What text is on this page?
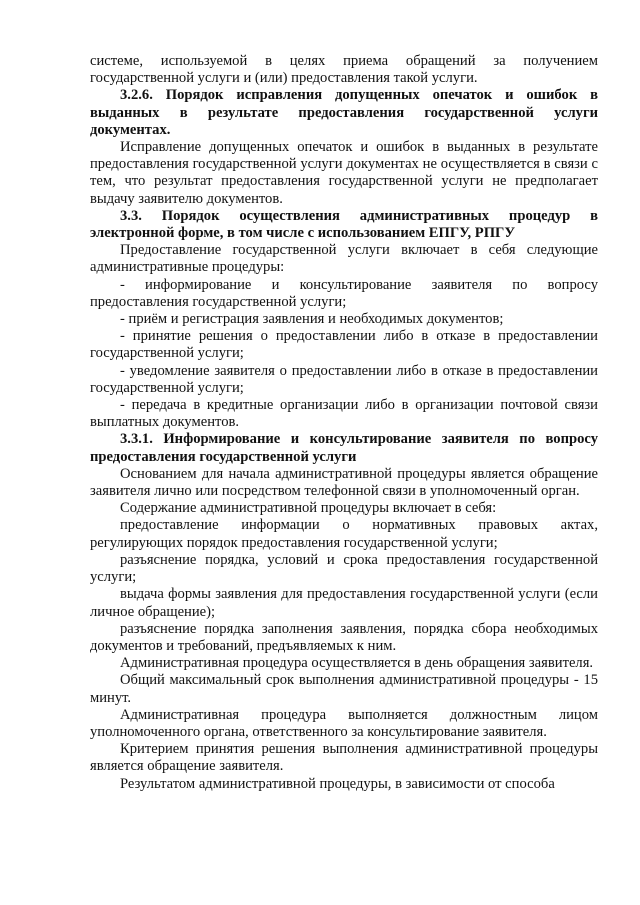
системе, используемой в целях приема обращений за получением государственной услуги и (или) предоставления такой услуги.

3.2.6. Порядок исправления допущенных опечаток и ошибок в выданных в результате предоставления государственной услуги документах.

Исправление допущенных опечаток и ошибок в выданных в результате предоставления государственной услуги документах не осуществляется в связи с тем, что результат предоставления государственной услуги не предполагает выдачу заявителю документов.

3.3. Порядок осуществления административных процедур в электронной форме, в том числе с использованием ЕПГУ, РПГУ

Предоставление государственной услуги включает в себя следующие административные процедуры:

- информирование и консультирование заявителя по вопросу предоставления государственной услуги;

- приём и регистрация заявления и необходимых документов;

- принятие решения о предоставлении либо в отказе в предоставлении государственной услуги;

- уведомление заявителя о предоставлении либо в отказе в предоставлении государственной услуги;

- передача в кредитные организации либо в организации почтовой связи выплатных документов.

3.3.1. Информирование и консультирование заявителя по вопросу предоставления государственной услуги

Основанием для начала административной процедуры является обращение заявителя лично или посредством телефонной связи в уполномоченный орган.

Содержание административной процедуры включает в себя:

предоставление информации о нормативных правовых актах, регулирующих порядок предоставления государственной услуги;

разъяснение порядка, условий и срока предоставления государственной услуги;

выдача формы заявления для предоставления государственной услуги (если личное обращение);

разъяснение порядка заполнения заявления, порядка сбора необходимых документов и требований, предъявляемых к ним.

Административная процедура осуществляется в день обращения заявителя.

Общий максимальный срок выполнения административной процедуры - 15 минут.

Административная процедура выполняется должностным лицом уполномоченного органа, ответственного за консультирование заявителя.

Критерием принятия решения выполнения административной процедуры является обращение заявителя.

Результатом административной процедуры, в зависимости от способа
